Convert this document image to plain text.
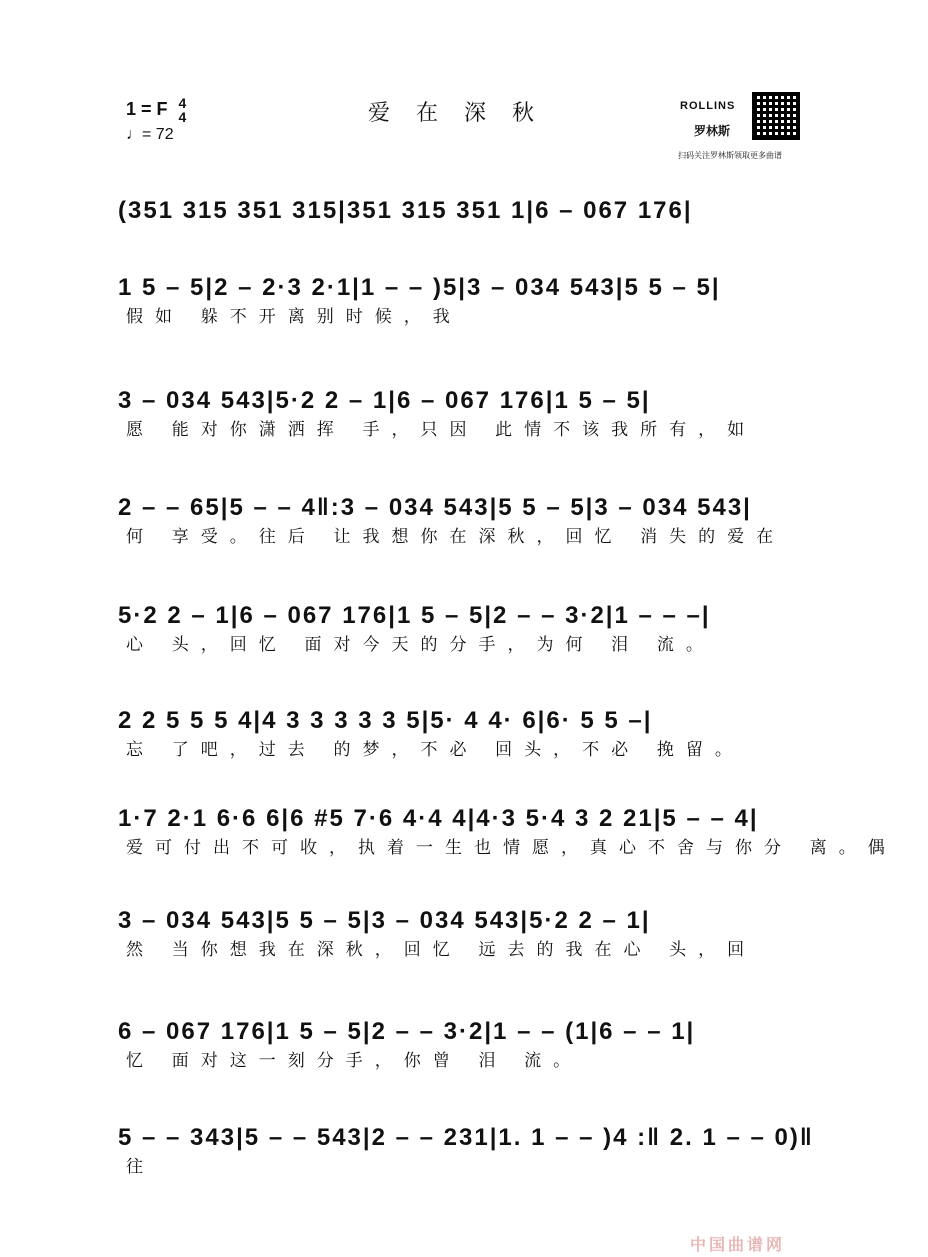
1 = F 4
4
♩= 72
爱在深秋	ROLLINS
罗林斯
扫码关注罗林斯领取更多曲谱
(351 315 351 315|351 315 351 1|6 – 067 176|
1 5 – 5|2 – 2·3 2·1|1 – – )5|3 – 034 543|5 5 – 5|
假如 躲不开离别时候，我
3 – 034 543|5·2 2 – 1|6 – 067 176|1 5 – 5|
愿 能对你潇洒挥 手，只因 此情不该我所有，如
2 – – 65|5 – – 4‖:3 – 034 543|5 5 – 5|3 – 034 543|
何 享受。往后 让我想你在深秋，回忆 消失的爱在
5·2 2 – 1|6 – 067 176|1 5 – 5|2 – – 3·2|1 – – –|
心 头，回忆 面对今天的分手，为何 泪 流。
2 2 5 5 5 4|4 3 3 3 3 3 5|5· 4 4· 6|6· 5 5 –|
忘 了吧，过去 的梦，不必 回头，不必 挽留。
1·7 2·1 6·6 6|6 #5 7·6 4·4 4|4·3 5·4 3 2 21|5 – – 4|
爱可付出不可收，执着一生也情愿，真心不舍与你分 离。偶
3 – 034 543|5 5 – 5|3 – 034 543|5·2 2 – 1|
然 当你想我在深秋，回忆 远去的我在心 头，回
6 – 067 176|1 5 – 5|2 – – 3·2|1 – – (1|6 – – 1|
忆 面对这一刻分手，你曾 泪 流。
5 – – 343|5 – – 543|2 – – 231|1. 1 – – )4 :‖ 2. 1 – – 0)‖
往
中国曲谱网
